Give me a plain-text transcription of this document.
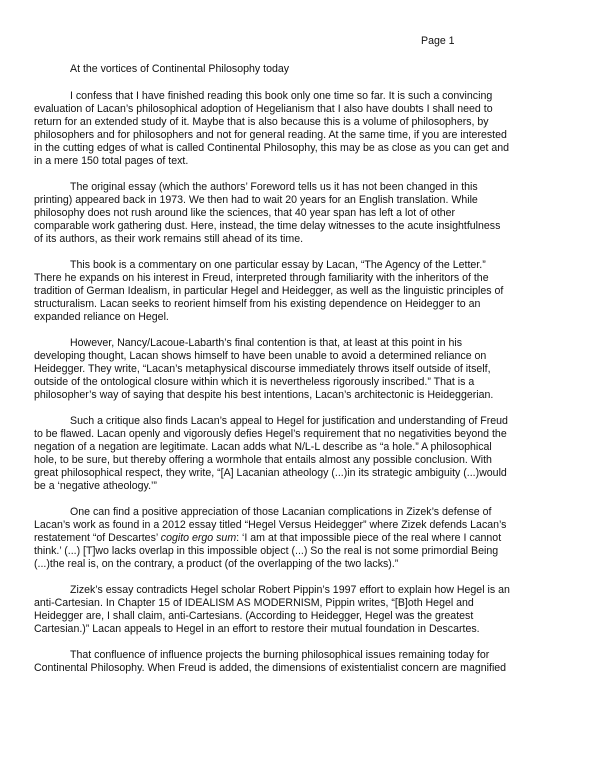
Page 1
At the vortices of Continental Philosophy today

I confess that I have finished reading this book only one time so far. It is such a convincing
evaluation of Lacan’s philosophical adoption of Hegelianism that I also have doubts I shall need to
return for an extended study of it. Maybe that is also because this is a volume of philosophers, by
philosophers and for philosophers and not for general reading. At the same time, if you are interested
in the cutting edges of what is called Continental Philosophy, this may be as close as you can get and
in a mere 150 total pages of text.

The original essay (which the authors’ Foreword tells us it has not been changed in this
printing) appeared back in 1973. We then had to wait 20 years for an English translation. While
philosophy does not rush around like the sciences, that 40 year span has left a lot of other
comparable work gathering dust. Here, instead, the time delay witnesses to the acute insightfulness
of its authors, as their work remains still ahead of its time.

This book is a commentary on one particular essay by Lacan, “The Agency of the Letter.”
There he expands on his interest in Freud, interpreted through familiarity with the inheritors of the
tradition of German Idealism, in particular Hegel and Heidegger, as well as the linguistic principles of
structuralism. Lacan seeks to reorient himself from his existing dependence on Heidegger to an
expanded reliance on Hegel.

However, Nancy/Lacoue-Labarth’s final contention is that, at least at this point in his
developing thought, Lacan shows himself to have been unable to avoid a determined reliance on
Heidegger. They write, “Lacan’s metaphysical discourse immediately throws itself outside of itself,
outside of the ontological closure within which it is nevertheless rigorously inscribed.” That is a
philosopher’s way of saying that despite his best intentions, Lacan’s architectonic is Heideggerian.

Such a critique also finds Lacan’s appeal to Hegel for justification and understanding of Freud
to be flawed. Lacan openly and vigorously defies Hegel’s requirement that no negativities beyond the
negation of a negation are legitimate. Lacan adds what N/L-L describe as “a hole.” A philosophical
hole, to be sure, but thereby offering a wormhole that entails almost any possible conclusion. With
great philosophical respect, they write, “[A] Lacanian atheology (...)in its strategic ambiguity (...)would
be a ‘negative atheology.’”

One can find a positive appreciation of those Lacanian complications in Zizek’s defense of
Lacan’s work as found in a 2012 essay titled “Hegel Versus Heidegger” where Zizek defends Lacan’s
restatement “of Descartes’ cogito ergo sum: ‘I am at that impossible piece of the real where I cannot
think.’ (...) [T]wo lacks overlap in this impossible object (...) So the real is not some primordial Being
(...)the real is, on the contrary, a product (of the overlapping of the two lacks).”

Zizek’s essay contradicts Hegel scholar Robert Pippin’s 1997 effort to explain how Hegel is an
anti-Cartesian. In Chapter 15 of IDEALISM AS MODERNISM, Pippin writes, “[B]oth Hegel and
Heidegger are, I shall claim, anti-Cartesians. (According to Heidegger, Hegel was the greatest
Cartesian.)” Lacan appeals to Hegel in an effort to restore their mutual foundation in Descartes.

That confluence of influence projects the burning philosophical issues remaining today for
Continental Philosophy. When Freud is added, the dimensions of existentialist concern are magnified
